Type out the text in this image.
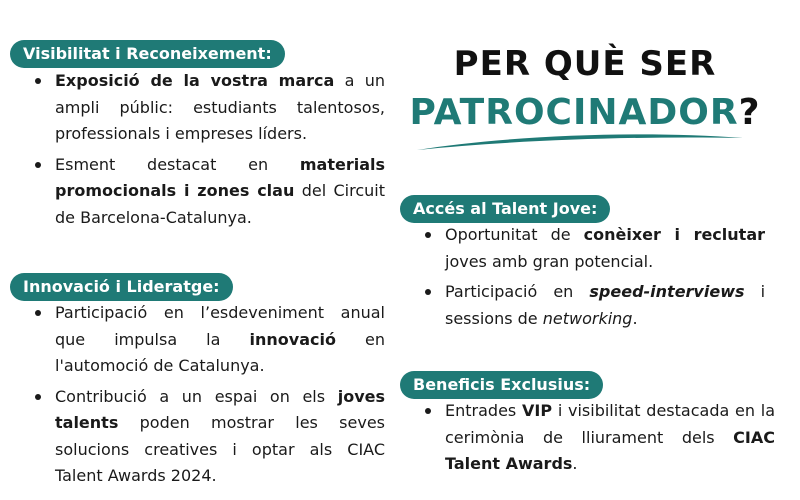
Visibilitat i Reconeixement:
Exposició de la vostra marca a un ampli públic: estudiants talentosos, professionals i empreses líders.
Esment destacat en materials promocionals i zones clau del Circuit de Barcelona-Catalunya.
Innovació i Lideratge:
Participació en l’esdeveniment anual que impulsa la innovació en l'automoció de Catalunya.
Contribució a un espai on els joves talents poden mostrar les seves solucions creatives i optar als CIAC Talent Awards 2024.
PER QUÈ SER
PATROCINADOR?
Accés al Talent Jove:
Oportunitat de conèixer i reclutar joves amb gran potencial.
Participació en speed-interviews i sessions de networking.
Beneficis Exclusius:
Entrades VIP i visibilitat destacada en la cerimònia de lliurament dels CIAC Talent Awards.
